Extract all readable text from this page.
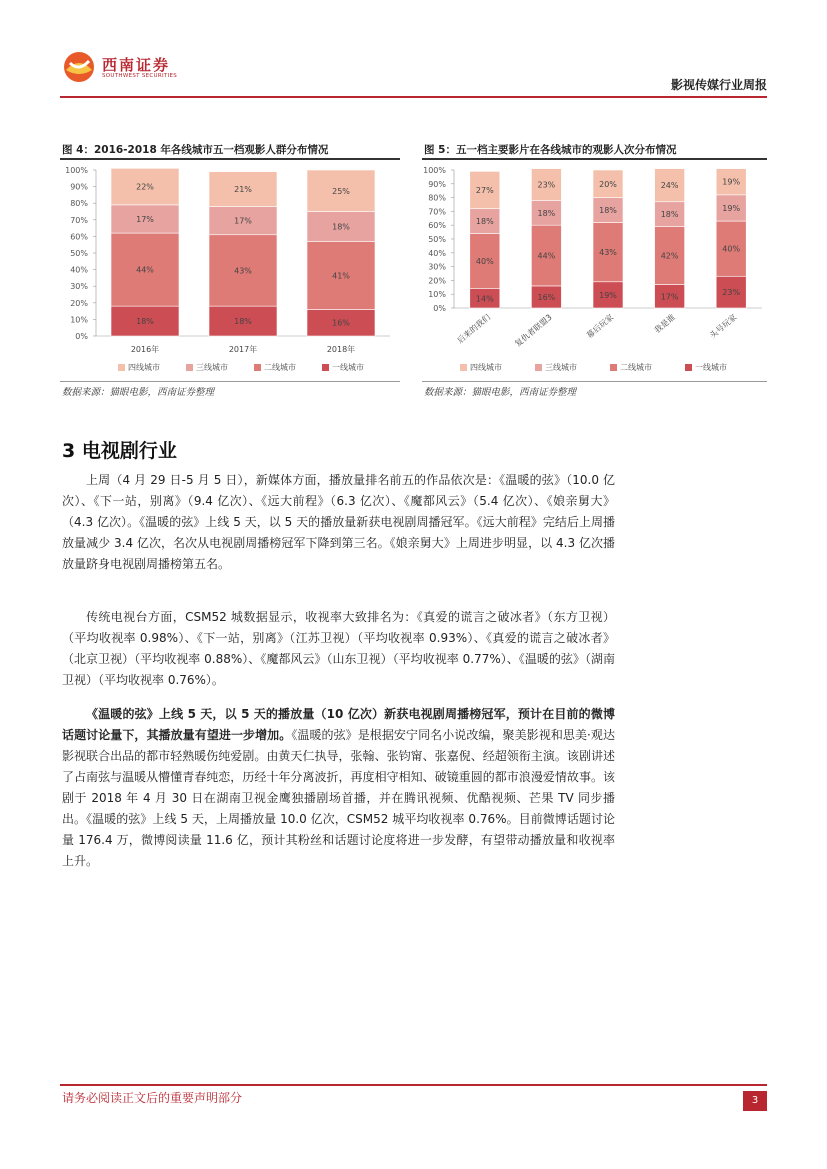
西南证券
SOUTHWEST SECURITIES
影视传媒行业周报
图 4：2016-2018 年各线城市五一档观影人群分布情况
0%
10%
20%
30%
40%
50%
60%
70%
80%
90%
100%
18%
44%
17%
22%
2016年
18%
43%
17%
21%
2017年
16%
41%
18%
25%
2018年
四线城市	三线城市	二线城市	一线城市
数据来源：猫眼电影，西南证券整理
图 5：五一档主要影片在各线城市的观影人次分布情况
0%
10%
20%
30%
40%
50%
60%
70%
80%
90%
100%
14%
40%
18%
27%
后来的我们
16%
44%
18%
23%
复仇者联盟3
19%
43%
18%
20%
幕后玩家
17%
42%
18%
24%
我是谁
23%
40%
19%
19%
头号玩家
四线城市	三线城市	二线城市	一线城市
数据来源：猫眼电影，西南证券整理
3 电视剧行业

上周（4 月 29 日-5 月 5 日），新媒体方面，播放量排名前五的作品依次是：《温暖的弦》（10.0 亿次）、《下一站，别离》（9.4 亿次）、《远大前程》（6.3 亿次）、《魔都风云》（5.4 亿次）、《娘亲舅大》（4.3 亿次）。《温暖的弦》上线 5 天，以 5 天的播放量新获电视剧周播冠军。《远大前程》完结后上周播放量减少 3.4 亿次，名次从电视剧周播榜冠军下降到第三名。《娘亲舅大》上周进步明显，以 4.3 亿次播放量跻身电视剧周播榜第五名。

传统电视台方面，CSM52 城数据显示，收视率大致排名为：《真爱的谎言之破冰者》（东方卫视）（平均收视率 0.98%）、《下一站，别离》（江苏卫视）（平均收视率 0.93%）、《真爱的谎言之破冰者》（北京卫视）（平均收视率 0.88%）、《魔都风云》（山东卫视）（平均收视率 0.77%）、《温暖的弦》（湖南卫视）（平均收视率 0.76%）。

《温暖的弦》上线 5 天，以 5 天的播放量（10 亿次）新获电视剧周播榜冠军，预计在目前的微博话题讨论量下，其播放量有望进一步增加。《温暖的弦》是根据安宁同名小说改编，聚美影视和思美·观达影视联合出品的都市轻熟暖伤纯爱剧。由黄天仁执导，张翰、张钧甯、张嘉倪、经超领衔主演。该剧讲述了占南弦与温暖从懵懂青春纯恋，历经十年分离波折，再度相守相知、破镜重圆的都市浪漫爱情故事。该剧于 2018 年 4 月 30 日在湖南卫视金鹰独播剧场首播，并在腾讯视频、优酷视频、芒果 TV 同步播出。《温暖的弦》上线 5 天，上周播放量 10.0 亿次，CSM52 城平均收视率 0.76%。目前微博话题讨论量 176.4 万，微博阅读量 11.6 亿，预计其粉丝和话题讨论度将进一步发酵，有望带动播放量和收视率上升。

请务必阅读正文后的重要声明部分	3
